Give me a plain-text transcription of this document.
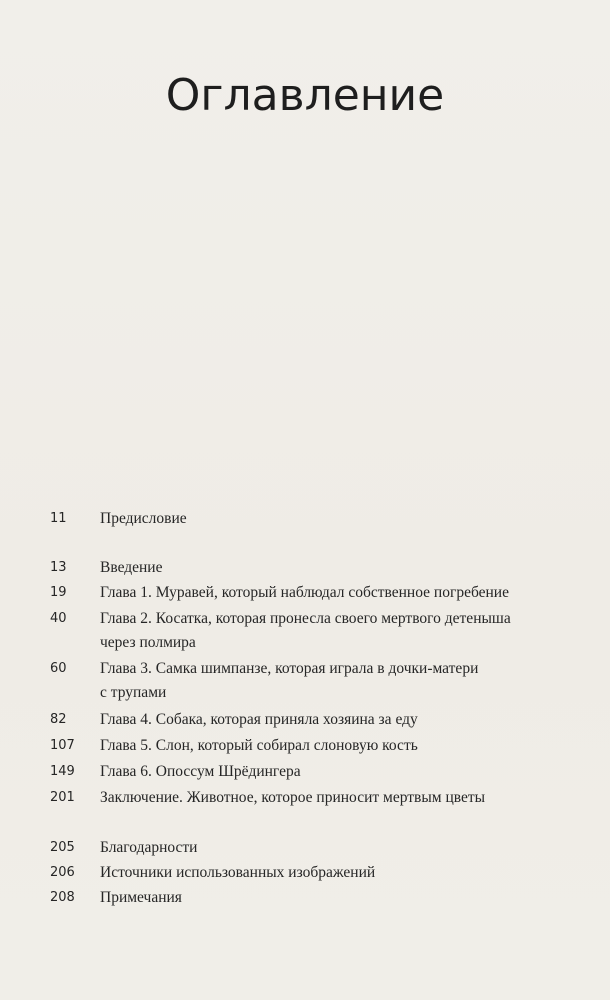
Оглавление
11 Предисловие
13 Введение
19 Глава 1. Муравей, который наблюдал собственное погребение
40 Глава 2. Косатка, которая пронесла своего мертвого детеныша
через полмира
60 Глава 3. Самка шимпанзе, которая играла в дочки-матери
с трупами
82 Глава 4. Собака, которая приняла хозяина за еду
107 Глава 5. Слон, который собирал слоновую кость
149 Глава 6. Опоссум Шрёдингера
201 Заключение. Животное, которое приносит мертвым цветы
205 Благодарности
206 Источники использованных изображений
208 Примечания
